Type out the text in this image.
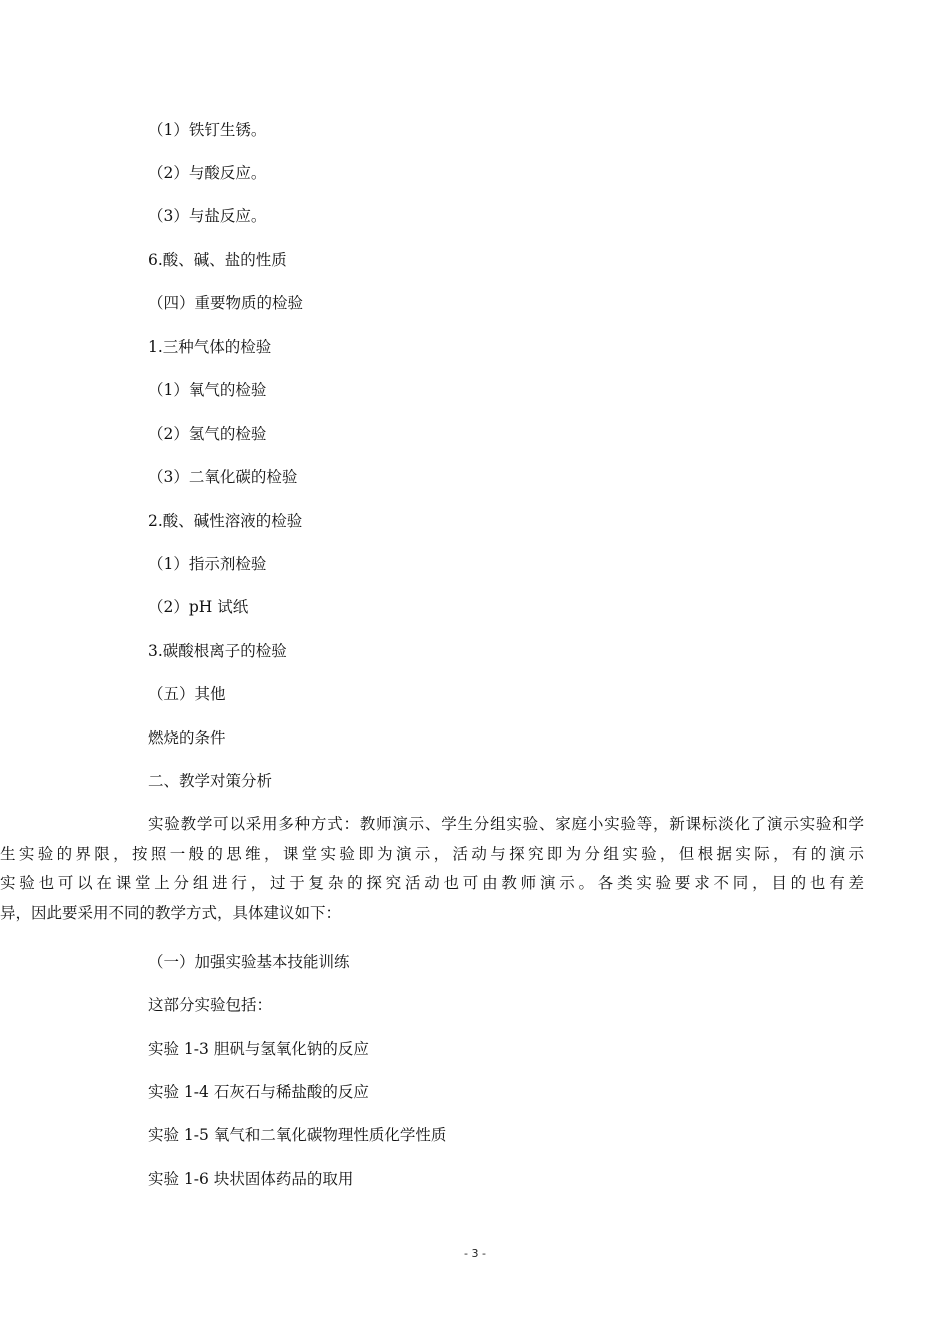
（1）铁钉生锈。
（2）与酸反应。
（3）与盐反应。
6.酸、碱、盐的性质
（四）重要物质的检验
1.三种气体的检验
（1）氧气的检验
（2）氢气的检验
（3）二氧化碳的检验
2.酸、碱性溶液的检验
（1）指示剂检验
（2）pH 试纸
3.碳酸根离子的检验
（五）其他
燃烧的条件
二、教学对策分析
实验教学可以采用多种方式：教师演示、学生分组实验、家庭小实验等，新课标淡化了演示实验和学
生实验的界限，按照一般的思维，课堂实验即为演示，活动与探究即为分组实验，但根据实际，有的演示
实验也可以在课堂上分组进行，过于复杂的探究活动也可由教师演示。各类实验要求不同，目的也有差
异，因此要采用不同的教学方式，具体建议如下：
（一）加强实验基本技能训练
这部分实验包括：
实验 1-3 胆矾与氢氧化钠的反应
实验 1-4 石灰石与稀盐酸的反应
实验 1-5 氧气和二氧化碳物理性质化学性质
实验 1-6 块状固体药品的取用
- 3 -
